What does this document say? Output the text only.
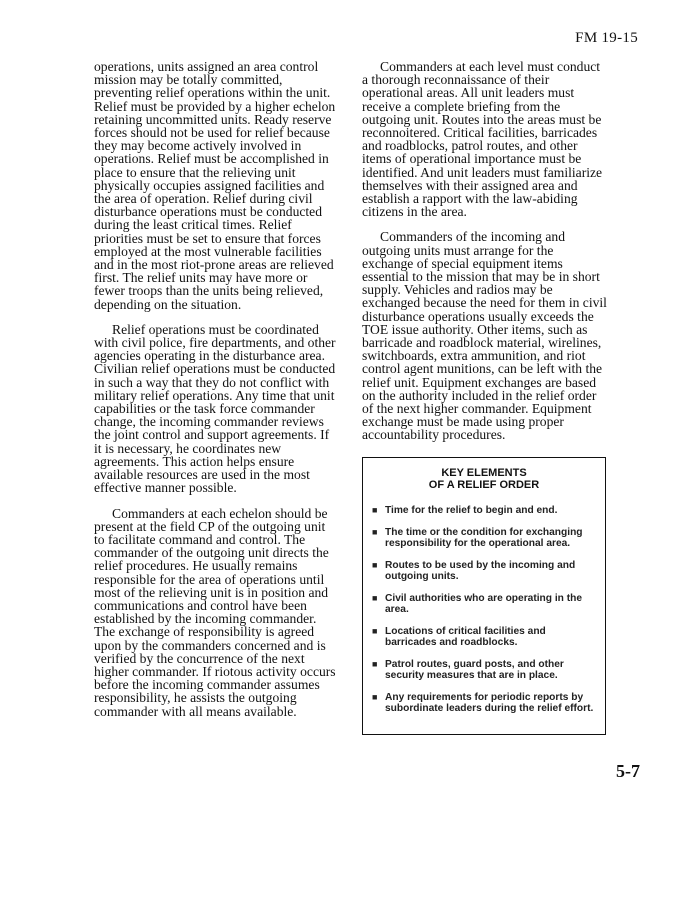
FM 19-15

operations, units assigned an area control mission may be totally committed, preventing relief operations within the unit. Relief must be provided by a higher echelon retaining uncommitted units. Ready reserve forces should not be used for relief because they may become actively involved in operations. Relief must be accomplished in place to ensure that the relieving unit physically occupies assigned facilities and the area of operation. Relief during civil disturbance operations must be conducted during the least critical times. Relief priorities must be set to ensure that forces employed at the most vulnerable facilities and in the most riot-prone areas are relieved first. The relief units may have more or fewer troops than the units being relieved, depending on the situation.

Relief operations must be coordinated with civil police, fire departments, and other agencies operating in the disturbance area. Civilian relief operations must be conducted in such a way that they do not conflict with military relief operations. Any time that unit capabilities or the task force commander change, the incoming commander reviews the joint control and support agreements. If it is necessary, he coordinates new agreements. This action helps ensure available resources are used in the most effective manner possible.

Commanders at each echelon should be present at the field CP of the outgoing unit to facilitate command and control. The commander of the outgoing unit directs the relief procedures. He usually remains responsible for the area of operations until most of the relieving unit is in position and communications and control have been established by the incoming commander. The exchange of responsibility is agreed upon by the commanders concerned and is verified by the concurrence of the next higher commander. If riotous activity occurs before the incoming commander assumes responsibility, he assists the outgoing commander with all means available.

Commanders at each level must conduct a thorough reconnaissance of their operational areas. All unit leaders must receive a complete briefing from the outgoing unit. Routes into the areas must be reconnoitered. Critical facilities, barricades and roadblocks, patrol routes, and other items of operational importance must be identified. And unit leaders must familiarize themselves with their assigned area and establish a rapport with the law-abiding citizens in the area.

Commanders of the incoming and outgoing units must arrange for the exchange of special equipment items essential to the mission that may be in short supply. Vehicles and radios may be exchanged because the need for them in civil disturbance operations usually exceeds the TOE issue authority. Other items, such as barricade and roadblock material, wirelines, switchboards, extra ammunition, and riot control agent munitions, can be left with the relief unit. Equipment exchanges are based on the authority included in the relief order of the next higher commander. Equipment exchange must be made using proper accountability procedures.

KEY ELEMENTS
OF A RELIEF ORDER
■ Time for the relief to begin and end.
■ The time or the condition for exchanging responsibility for the operational area.
■ Routes to be used by the incoming and outgoing units.
■ Civil authorities who are operating in the area.
■ Locations of critical facilities and barricades and roadblocks.
■ Patrol routes, guard posts, and other security measures that are in place.
■ Any requirements for periodic reports by subordinate leaders during the relief effort.
5-7
